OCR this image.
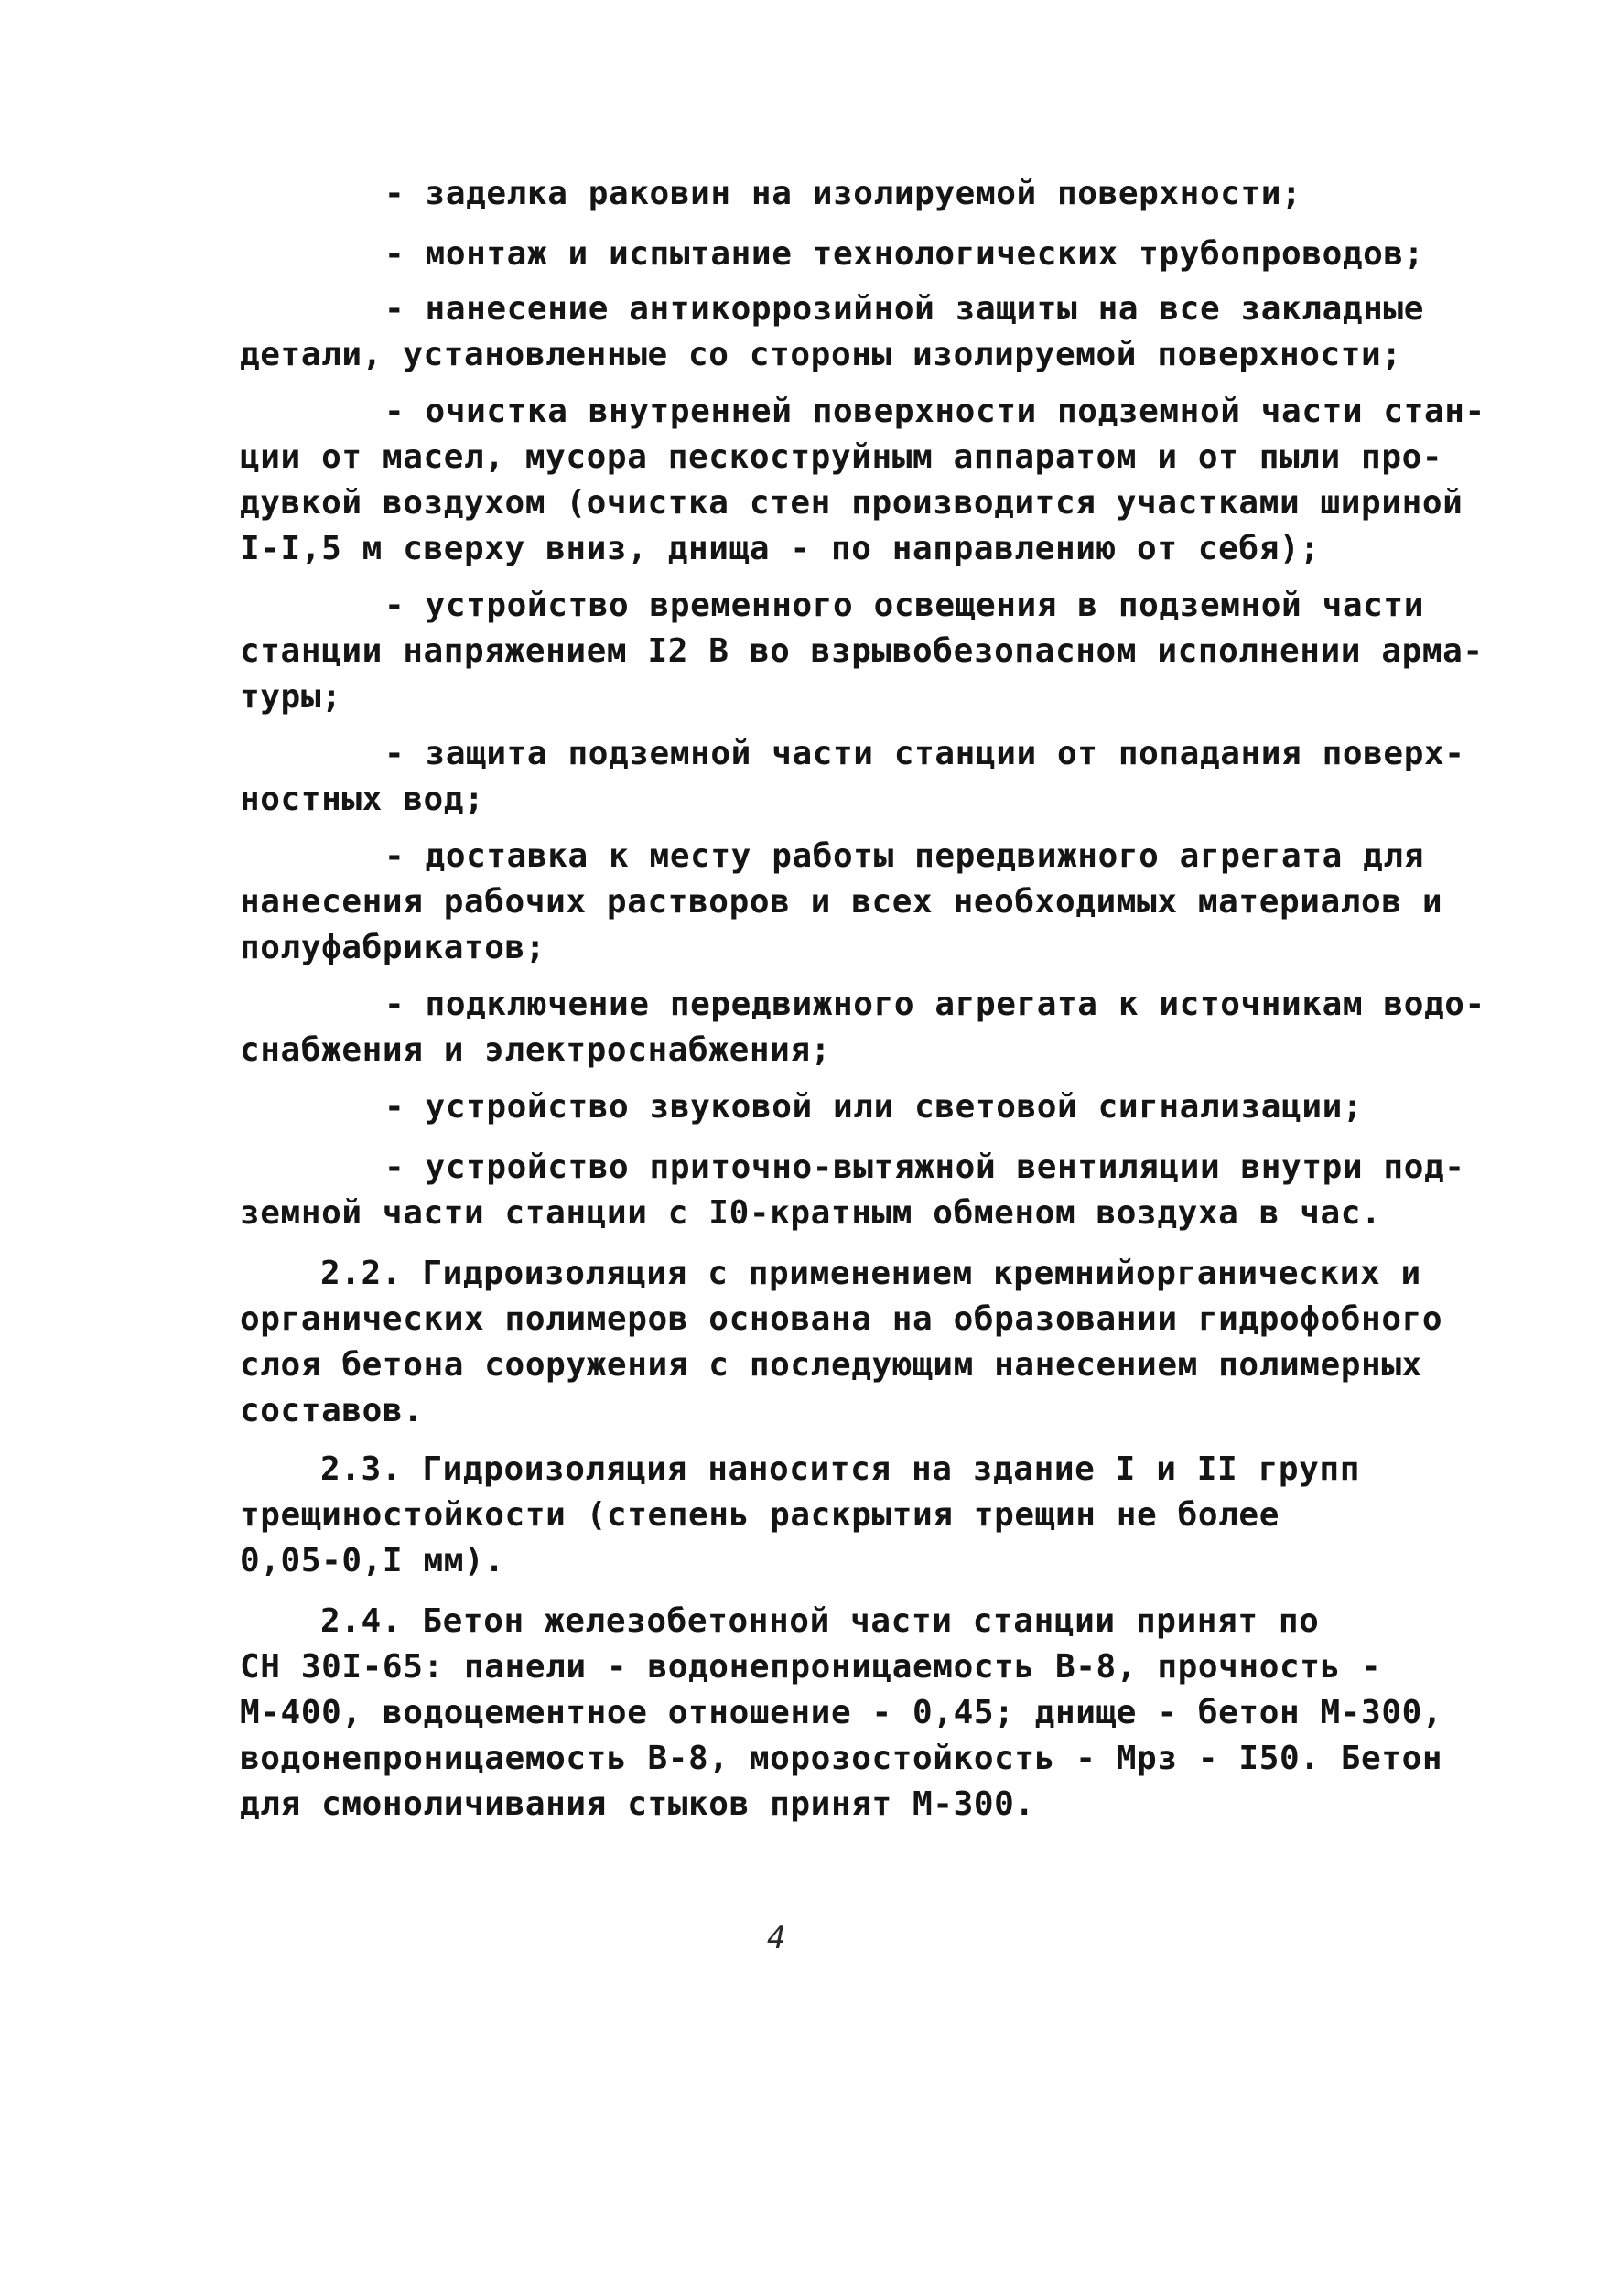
- заделка раковин на изолируемой поверхности;
- монтаж и испытание технологических трубопроводов;
- нанесение антикоррозийной защиты на все закладные
детали, установленные со стороны изолируемой поверхности;
- очистка внутренней поверхности подземной части стан-
ции от масел, мусора пескоструйным аппаратом и от пыли про-
дувкой воздухом (очистка стен производится участками шириной
I-I,5 м сверху вниз, днища - по направлению от себя);
- устройство временного освещения в подземной части
станции напряжением I2 В во взрывобезопасном исполнении арма-
туры;
- защита подземной части станции от попадания поверх-
ностных вод;
- доставка к месту работы передвижного агрегата для
нанесения рабочих растворов и всех необходимых материалов и
полуфабрикатов;
- подключение передвижного агрегата к источникам водо-
снабжения и электроснабжения;
- устройство звуковой или световой сигнализации;
- устройство приточно-вытяжной вентиляции внутри под-
земной части станции с I0-кратным обменом воздуха в час.
2.2. Гидроизоляция с применением кремнийорганических и
органических полимеров основана на образовании гидрофобного
слоя бетона сооружения с последующим нанесением полимерных
составов.
2.3. Гидроизоляция наносится на здание I и II групп
трещиностойкости (степень раскрытия трещин не более
0,05-0,I мм).
2.4. Бетон железобетонной части станции принят по
СН 30I-65: панели - водонепроницаемость В-8, прочность -
М-400, водоцементное отношение - 0,45; днище - бетон М-300,
водонепроницаемость В-8, морозостойкость - Мрз - I50. Бетон
для смоноличивания стыков принят М-300.
4
